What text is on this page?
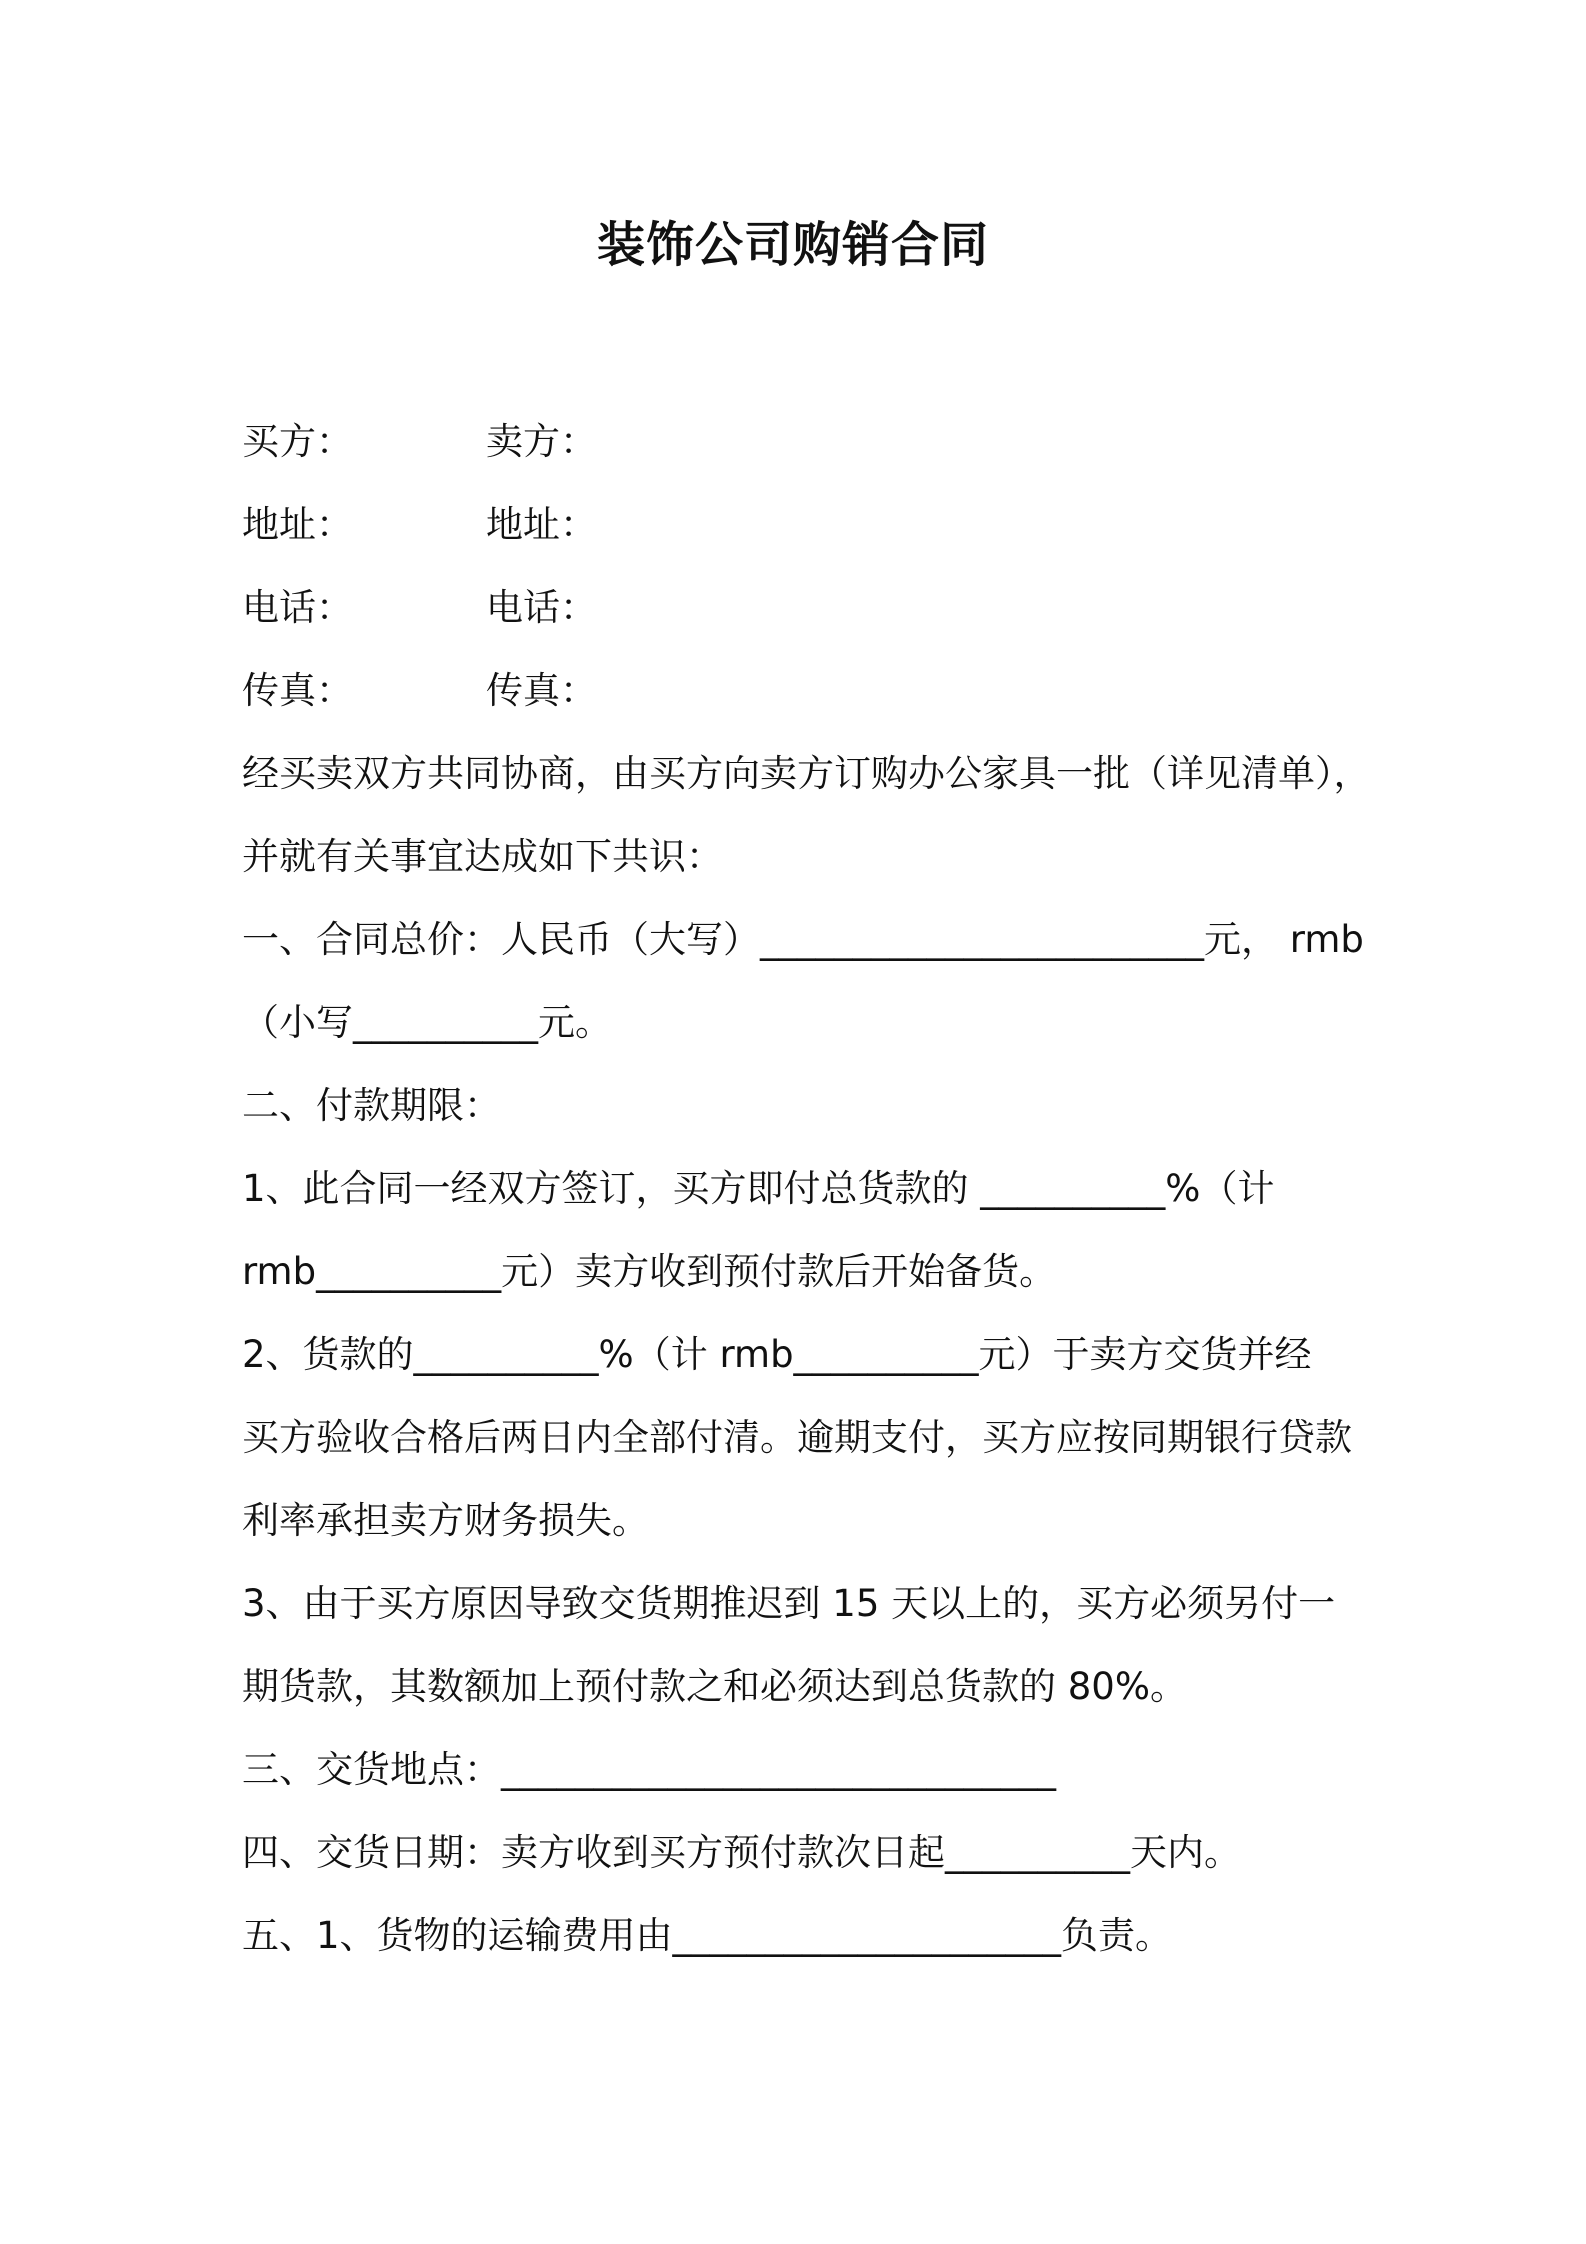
装饰公司购销合同
买方：	卖方：
地址：	地址：
电话：	电话：
传真：	传真：
经买卖双方共同协商，由买方向卖方订购办公家具一批（详见清单），
并就有关事宜达成如下共识：
一、合同总价：人民币（大写）________________________元， rmb
（小写__________元。
二、付款期限：
1、此合同一经双方签订，买方即付总货款的 __________%（计
rmb__________元）卖方收到预付款后开始备货。
2、货款的__________%（计 rmb__________元）于卖方交货并经
买方验收合格后两日内全部付清。逾期支付，买方应按同期银行贷款
利率承担卖方财务损失。
3、由于买方原因导致交货期推迟到 15 天以上的，买方必须另付一
期货款，其数额加上预付款之和必须达到总货款的 80%。
三、交货地点：______________________________
四、交货日期：卖方收到买方预付款次日起__________天内。
五、1、货物的运输费用由_____________________负责。
